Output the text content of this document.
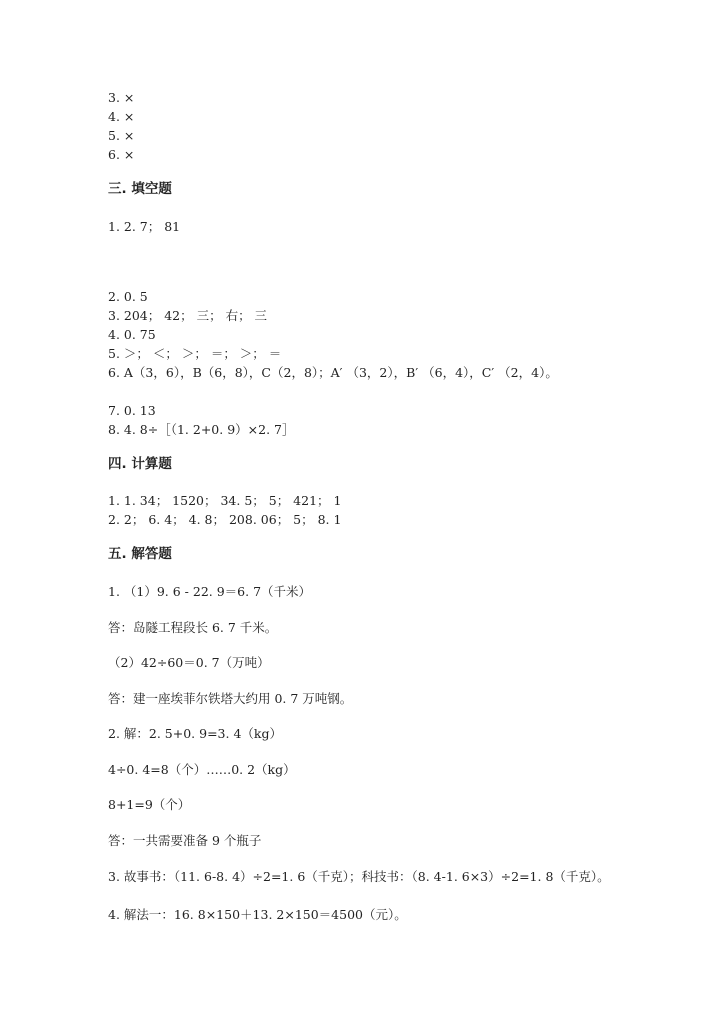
3. ×
4. ×
5. ×
6. ×
三. 填空题
1. 2. 7； 81
2. 0. 5
3. 204； 42； 三； 右； 三
4. 0. 75
5. ＞； ＜； ＞； ＝； ＞； ＝
6. A（3，6），B（6，8），C（2，8）；A′ （3，2），B′ （6，4），C′ （2，4）。
7. 0. 13
8. 4. 8÷［（1. 2+0. 9）×2. 7］
四. 计算题
1. 1. 34； 1520； 34. 5； 5； 421； 1
2. 2； 6. 4； 4. 8； 208. 06； 5； 8. 1
五. 解答题
1. （1）9. 6 - 22. 9＝6. 7（千米）
答：岛隧工程段长 6. 7 千米。
（2）42÷60＝0. 7（万吨）
答：建一座埃菲尔铁塔大约用 0. 7 万吨钢。
2. 解：2. 5+0. 9=3. 4（kg）
4÷0. 4=8（个）……0. 2（kg）
8+1=9（个）
答：一共需要准备 9 个瓶子
3. 故事书：（11. 6-8. 4）÷2=1. 6（千克）；科技书：（8. 4-1. 6×3）÷2=1. 8（千克）。
4. 解法一：16. 8×150＋13. 2×150＝4500（元）。
